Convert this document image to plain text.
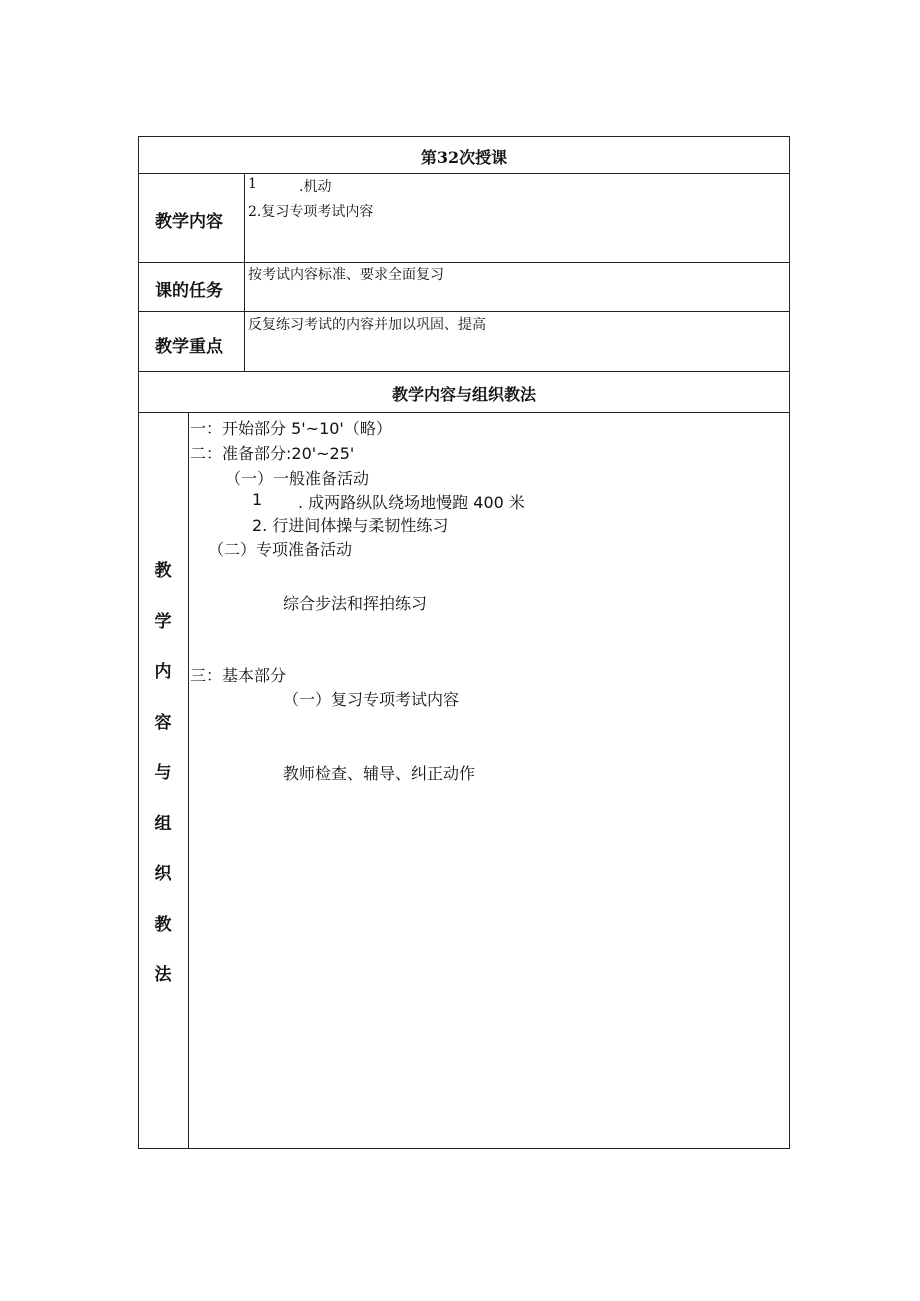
第32次授课
教学内容
1	.机动
2.复习专项考试内容
课的任务
按考试内容标准、要求全面复习
教学重点
反复练习考试的内容并加以巩固、提高
教学内容与组织教法
教
学
内
容
与
组
织
教
法
一：开始部分 5'~10'（略）
二：准备部分:20'~25'
（一）一般准备活动
1 . 成两路纵队绕场地慢跑 400 米
2. 行进间体操与柔韧性练习
（二）专项准备活动
综合步法和挥拍练习
三：基本部分
（一）复习专项考试内容
教师检查、辅导、纠正动作
